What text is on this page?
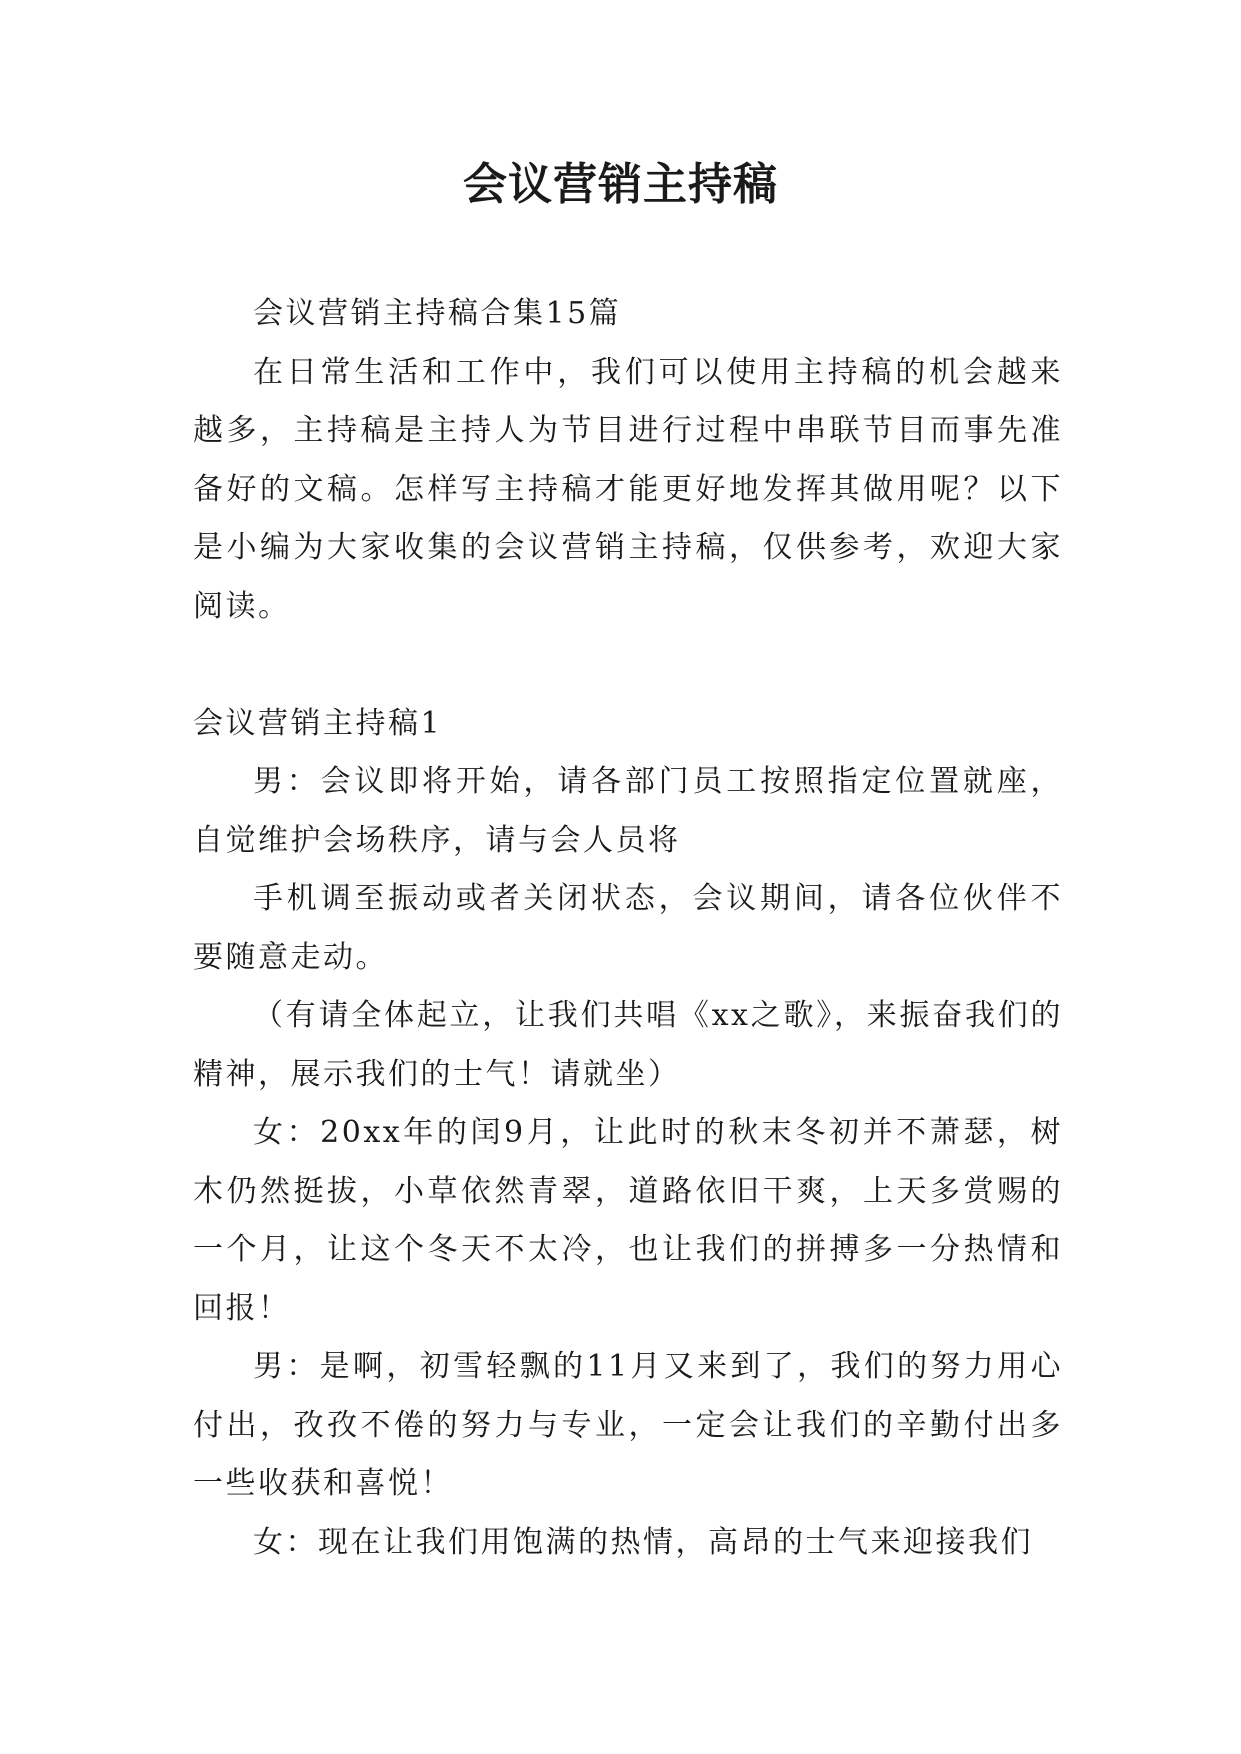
会议营销主持稿

会议营销主持稿合集15篇

在日常生活和工作中，我们可以使用主持稿的机会越来越多，主持稿是主持人为节目进行过程中串联节目而事先准备好的文稿。怎样写主持稿才能更好地发挥其做用呢？以下是小编为大家收集的会议营销主持稿，仅供参考，欢迎大家阅读。

会议营销主持稿1

男：会议即将开始，请各部门员工按照指定位置就座，自觉维护会场秩序，请与会人员将

手机调至振动或者关闭状态，会议期间，请各位伙伴不要随意走动。

（有请全体起立，让我们共唱《xx之歌》，来振奋我们的精神，展示我们的士气！请就坐）

女：20xx年的闰9月，让此时的秋末冬初并不萧瑟，树木仍然挺拔，小草依然青翠，道路依旧干爽，上天多赏赐的一个月，让这个冬天不太冷，也让我们的拼搏多一分热情和回报！

男：是啊，初雪轻飘的11月又来到了，我们的努力用心付出，孜孜不倦的努力与专业，一定会让我们的辛勤付出多一些收获和喜悦！

女：现在让我们用饱满的热情，高昂的士气来迎接我们
